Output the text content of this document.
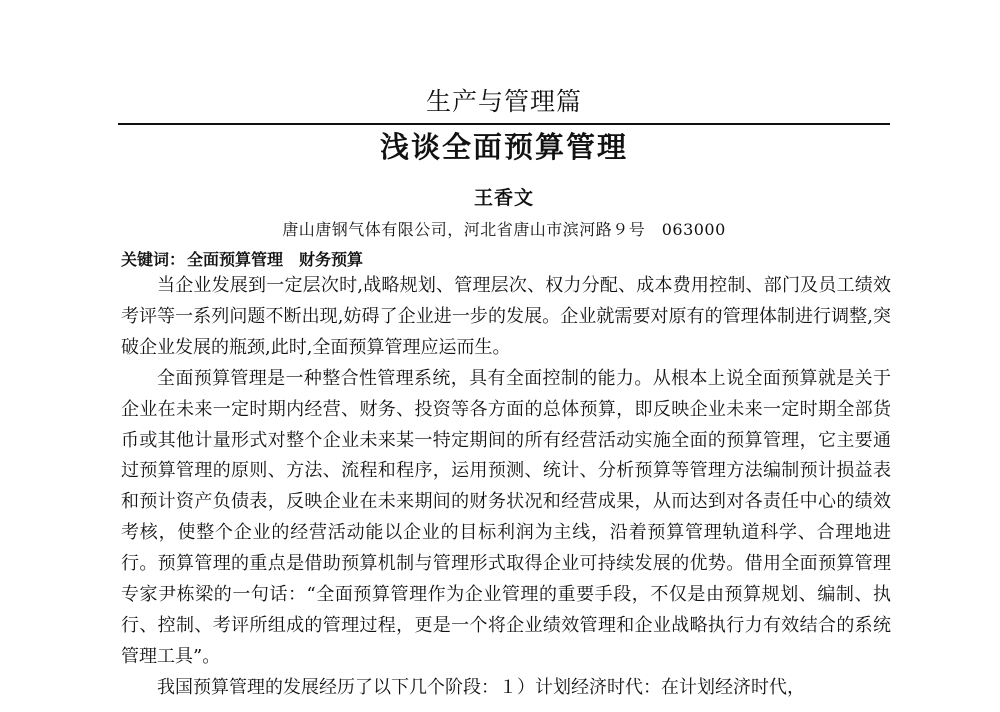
生产与管理篇
浅谈全面预算管理
王香文
唐山唐钢气体有限公司，河北省唐山市滨河路９号　063000
关键词： 全面预算管理　财务预算

当企业发展到一定层次时,战略规划、管理层次、权力分配、成本费用控制、部门及员工绩效考评等一系列问题不断出现,妨碍了企业进一步的发展。企业就需要对原有的管理体制进行调整,突破企业发展的瓶颈,此时,全面预算管理应运而生。

全面预算管理是一种整合性管理系统，具有全面控制的能力。从根本上说全面预算就是关于企业在未来一定时期内经营、财务、投资等各方面的总体预算，即反映企业未来一定时期全部货币或其他计量形式对整个企业未来某一特定期间的所有经营活动实施全面的预算管理，它主要通过预算管理的原则、方法、流程和程序，运用预测、统计、分析预算等管理方法编制预计损益表和预计资产负债表，反映企业在未来期间的财务状况和经营成果，从而达到对各责任中心的绩效考核，使整个企业的经营活动能以企业的目标利润为主线，沿着预算管理轨道科学、合理地进行。预算管理的重点是借助预算机制与管理形式取得企业可持续发展的优势。借用全面预算管理专家尹栋梁的一句话：“全面预算管理作为企业管理的重要手段，不仅是由预算规划、编制、执行、控制、考评所组成的管理过程，更是一个将企业绩效管理和企业战略执行力有效结合的系统管理工具”。

我国预算管理的发展经历了以下几个阶段：１）计划经济时代：在计划经济时代，
